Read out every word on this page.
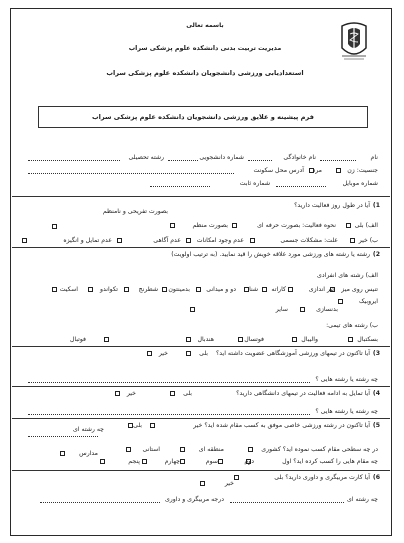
باسمه تعالی
مدیریت تربیت بدنی دانشکده علوم پزشکی سراب
استعدادیابی ورزشی دانشجویان دانشکده علوم پزشکی سراب
فرم پیشینه و علایق ورزشی دانشجویان دانشکده علوم پزشکی سراب
نام
نام خانوادگی
شماره دانشجویی
رشته تحصیلی
جنسیت: زن
مرد
آدرس محل سکونت
شماره موبایل
شماره ثابت
1)
آیا در طول روز فعالیت دارید؟
الف) بلی
نحوه فعالیت: بصورت حرفه ای
بصورت منظم
بصورت تفریحی و نامنظم
ب) خیر
علت: مشکلات جسمی
عدم وجود امکانات
عدم آگاهی
عدم تمایل و انگیزه
2)
رشته یا رشته های ورزشی مورد علاقه خویش را قید نمایید. (به ترتیب اولویت)
الف) رشته های انفرادی
تنیس روی میز
تیر اندازی
کاراته
شنا
دو و میدانی
بدمینتون
شطرنج
تکواندو
اسکیت
ایروبیک
بدنسازی
سایر
ب) رشته های تیمی:
بسکتبال
والیبال
فوتسال
هندبال
فوتبال
3)
آیا تاکنون در تیمهای ورزشی آموزشگاهی عضویت داشته اید؟
بلی
خیر
چه رشته یا رشته هایی ؟
4)
آیا تمایل به ادامه فعالیت در تیمهای دانشگاهی دارید؟
بلی
خیر
چه رشته یا رشته هایی ؟
5)
آیا تاکنون در رشته ورزشی خاصی موفق به کسب مقام شده اید؟ خیر
بلی
چه رشته ای
در چه سطحی مقام کسب نموده اید؟ کشوری
منطقه ای
استانی
مدارس
چه مقام هایی را کسب کرده اید؟ اول
دوم
سوم
چهارم
پنجم
6)
آیا کارت مربیگری و داوری دارید؟ بلی
خیر
چه رشته ای
درجه مربیگری و داوری
